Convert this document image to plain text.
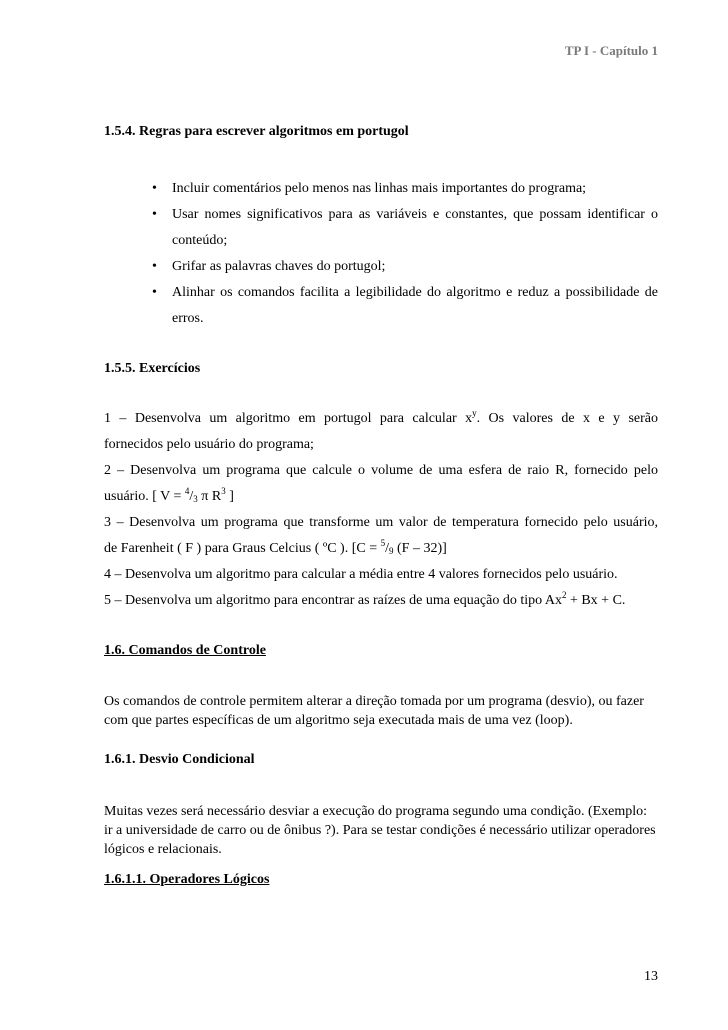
TP I - Capítulo 1
1.5.4. Regras para escrever algoritmos em portugol
• Incluir comentários pelo menos nas linhas mais importantes do programa;
• Usar nomes significativos para as variáveis e constantes, que possam identificar o conteúdo;
• Grifar as palavras chaves do portugol;
• Alinhar os comandos facilita a legibilidade do algoritmo e reduz a possibilidade de erros.
1.5.5. Exercícios

1 – Desenvolva um algoritmo em portugol para calcular $x^y$. Os valores de x e y serão

fornecidos pelo usuário do programa;

2 – Desenvolva um programa que calcule o volume de uma esfera de raio R, fornecido pelo

usuário. [ $V = ^4/_3$ π $R^3$ ]

3 – Desenvolva um programa que transforme um valor de temperatura fornecido pelo usuário,

de Farenheit ( F ) para Graus Celcius ( ºC ). [$C = ^5/_9$ (F – 32)]

4 – Desenvolva um algoritmo para calcular a média entre 4 valores fornecidos pelo usuário.

5 – Desenvolva um algoritmo para encontrar as raízes de uma equação do tipo $Ax^2 + Bx + C$.

1.6. Comandos de Controle

Os comandos de controle permitem alterar a direção tomada por um programa (desvio), ou fazer com que partes específicas de um algoritmo seja executada mais de uma vez (loop).

1.6.1. Desvio Condicional

Muitas vezes será necessário desviar a execução do programa segundo uma condição. (Exemplo: ir a universidade de carro ou de ônibus ?). Para se testar condições é necessário utilizar operadores lógicos e relacionais.

1.6.1.1. Operadores Lógicos
13
